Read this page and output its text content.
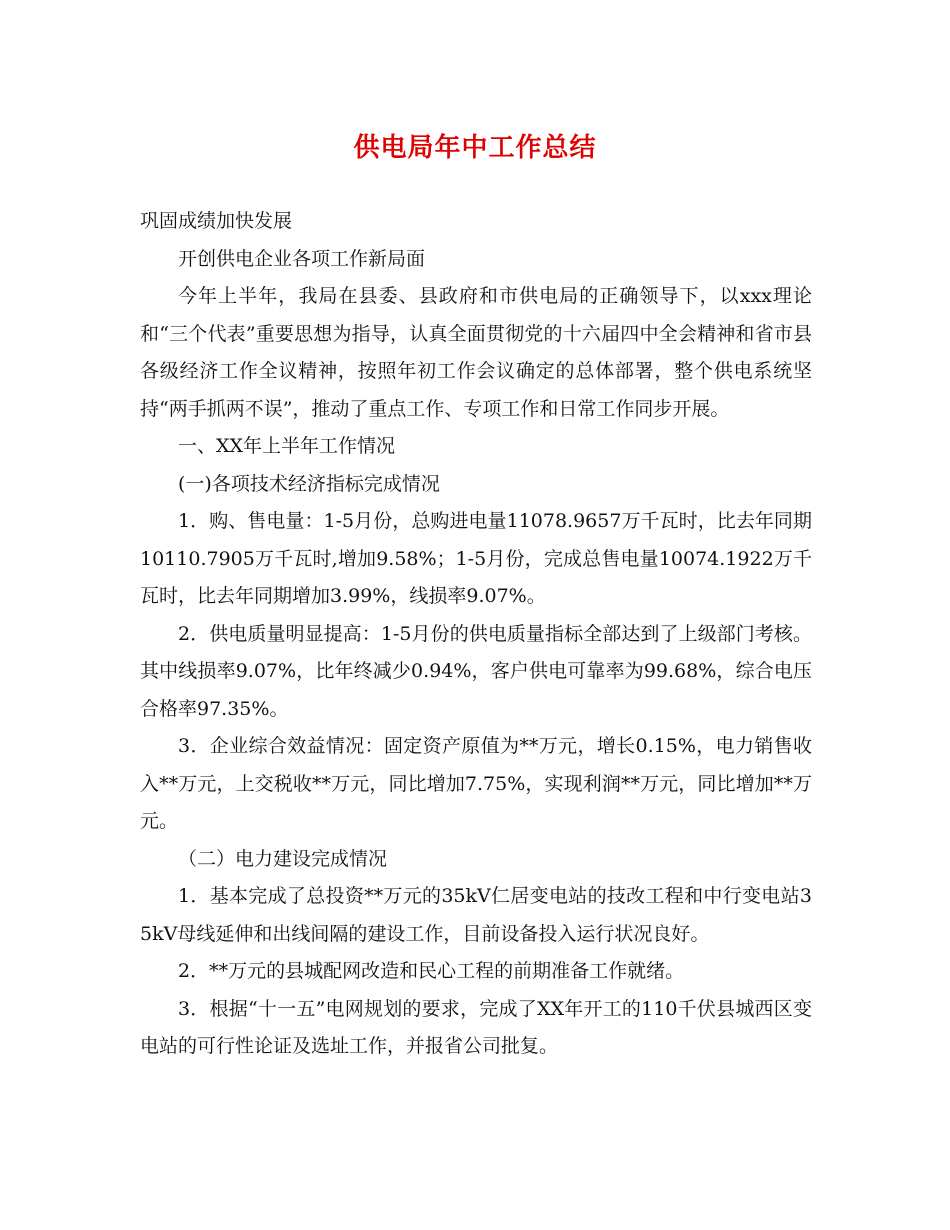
供电局年中工作总结

巩固成绩加快发展

开创供电企业各项工作新局面

今年上半年，我局在县委、县政府和市供电局的正确领导下，以xxx理论和“三个代表”重要思想为指导，认真全面贯彻党的十六届四中全会精神和省市县各级经济工作全议精神，按照年初工作会议确定的总体部署，整个供电系统坚持“两手抓两不误”，推动了重点工作、专项工作和日常工作同步开展。

一、XX年上半年工作情况

(一)各项技术经济指标完成情况

1．购、售电量：1-5月份，总购进电量11078.9657万千瓦时，比去年同期10110.7905万千瓦时,增加9.58%；1-5月份，完成总售电量10074.1922万千瓦时，比去年同期增加3.99%，线损率9.07%。

2．供电质量明显提高：1-5月份的供电质量指标全部达到了上级部门考核。其中线损率9.07%，比年终减少0.94%，客户供电可靠率为99.68%，综合电压合格率97.35%。

3．企业综合效益情况：固定资产原值为**万元，增长0.15%，电力销售收入**万元，上交税收**万元，同比增加7.75%，实现利润**万元，同比增加**万元。

（二）电力建设完成情况

1．基本完成了总投资**万元的35kV仁居变电站的技改工程和中行变电站35kV母线延伸和出线间隔的建设工作，目前设备投入运行状况良好。

2．**万元的县城配网改造和民心工程的前期准备工作就绪。

3．根据“十一五”电网规划的要求，完成了XX年开工的110千伏县城西区变电站的可行性论证及选址工作，并报省公司批复。
